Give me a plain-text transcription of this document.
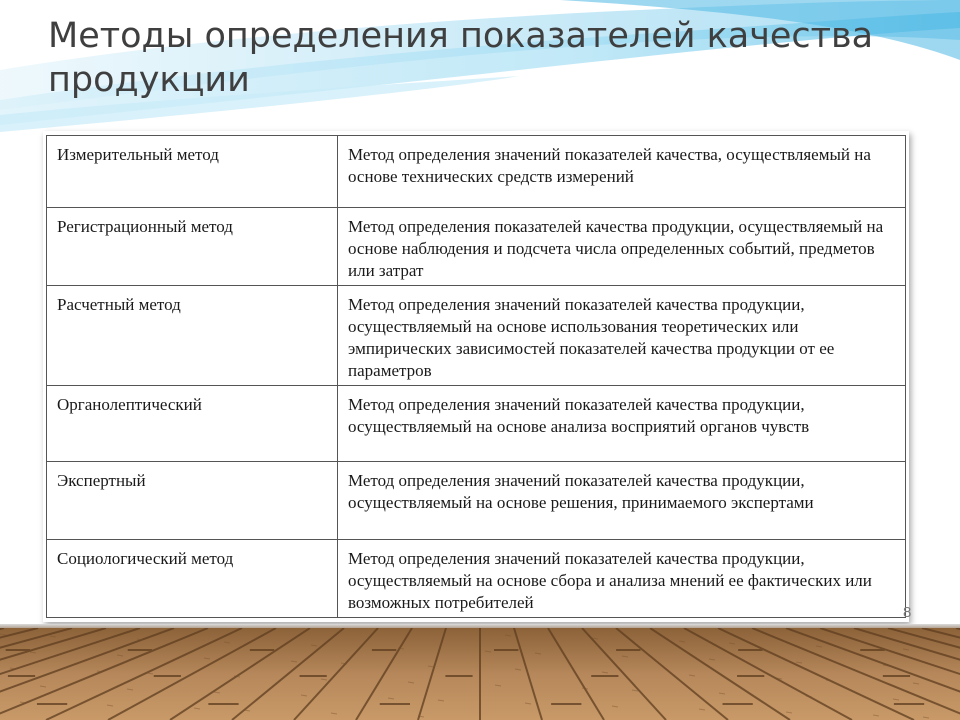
Методы определения показателей качества продукции
Измерительный метод	Метод определения значений показателей качества, осуществляемый на основе технических средств измерений
Регистрационный метод	Метод определения показателей качества продукции, осуществляемый на основе наблюдения и подсчета числа определенных событий, предметов или затрат
Расчетный метод	Метод определения значений показателей качества продукции, осуществляемый на основе использования теоретических или эмпирических зависимостей показателей качества продукции от ее параметров
Органолептический	Метод определения значений показателей качества продукции, осуществляемый на основе анализа восприятий органов чувств
Экспертный	Метод определения значений показателей качества продукции, осуществляемый на основе решения, принимаемого экспертами
Социологический метод	Метод определения значений показателей качества продукции, осуществляемый на основе сбора и анализа мнений ее фактических или возможных потребителей
8
